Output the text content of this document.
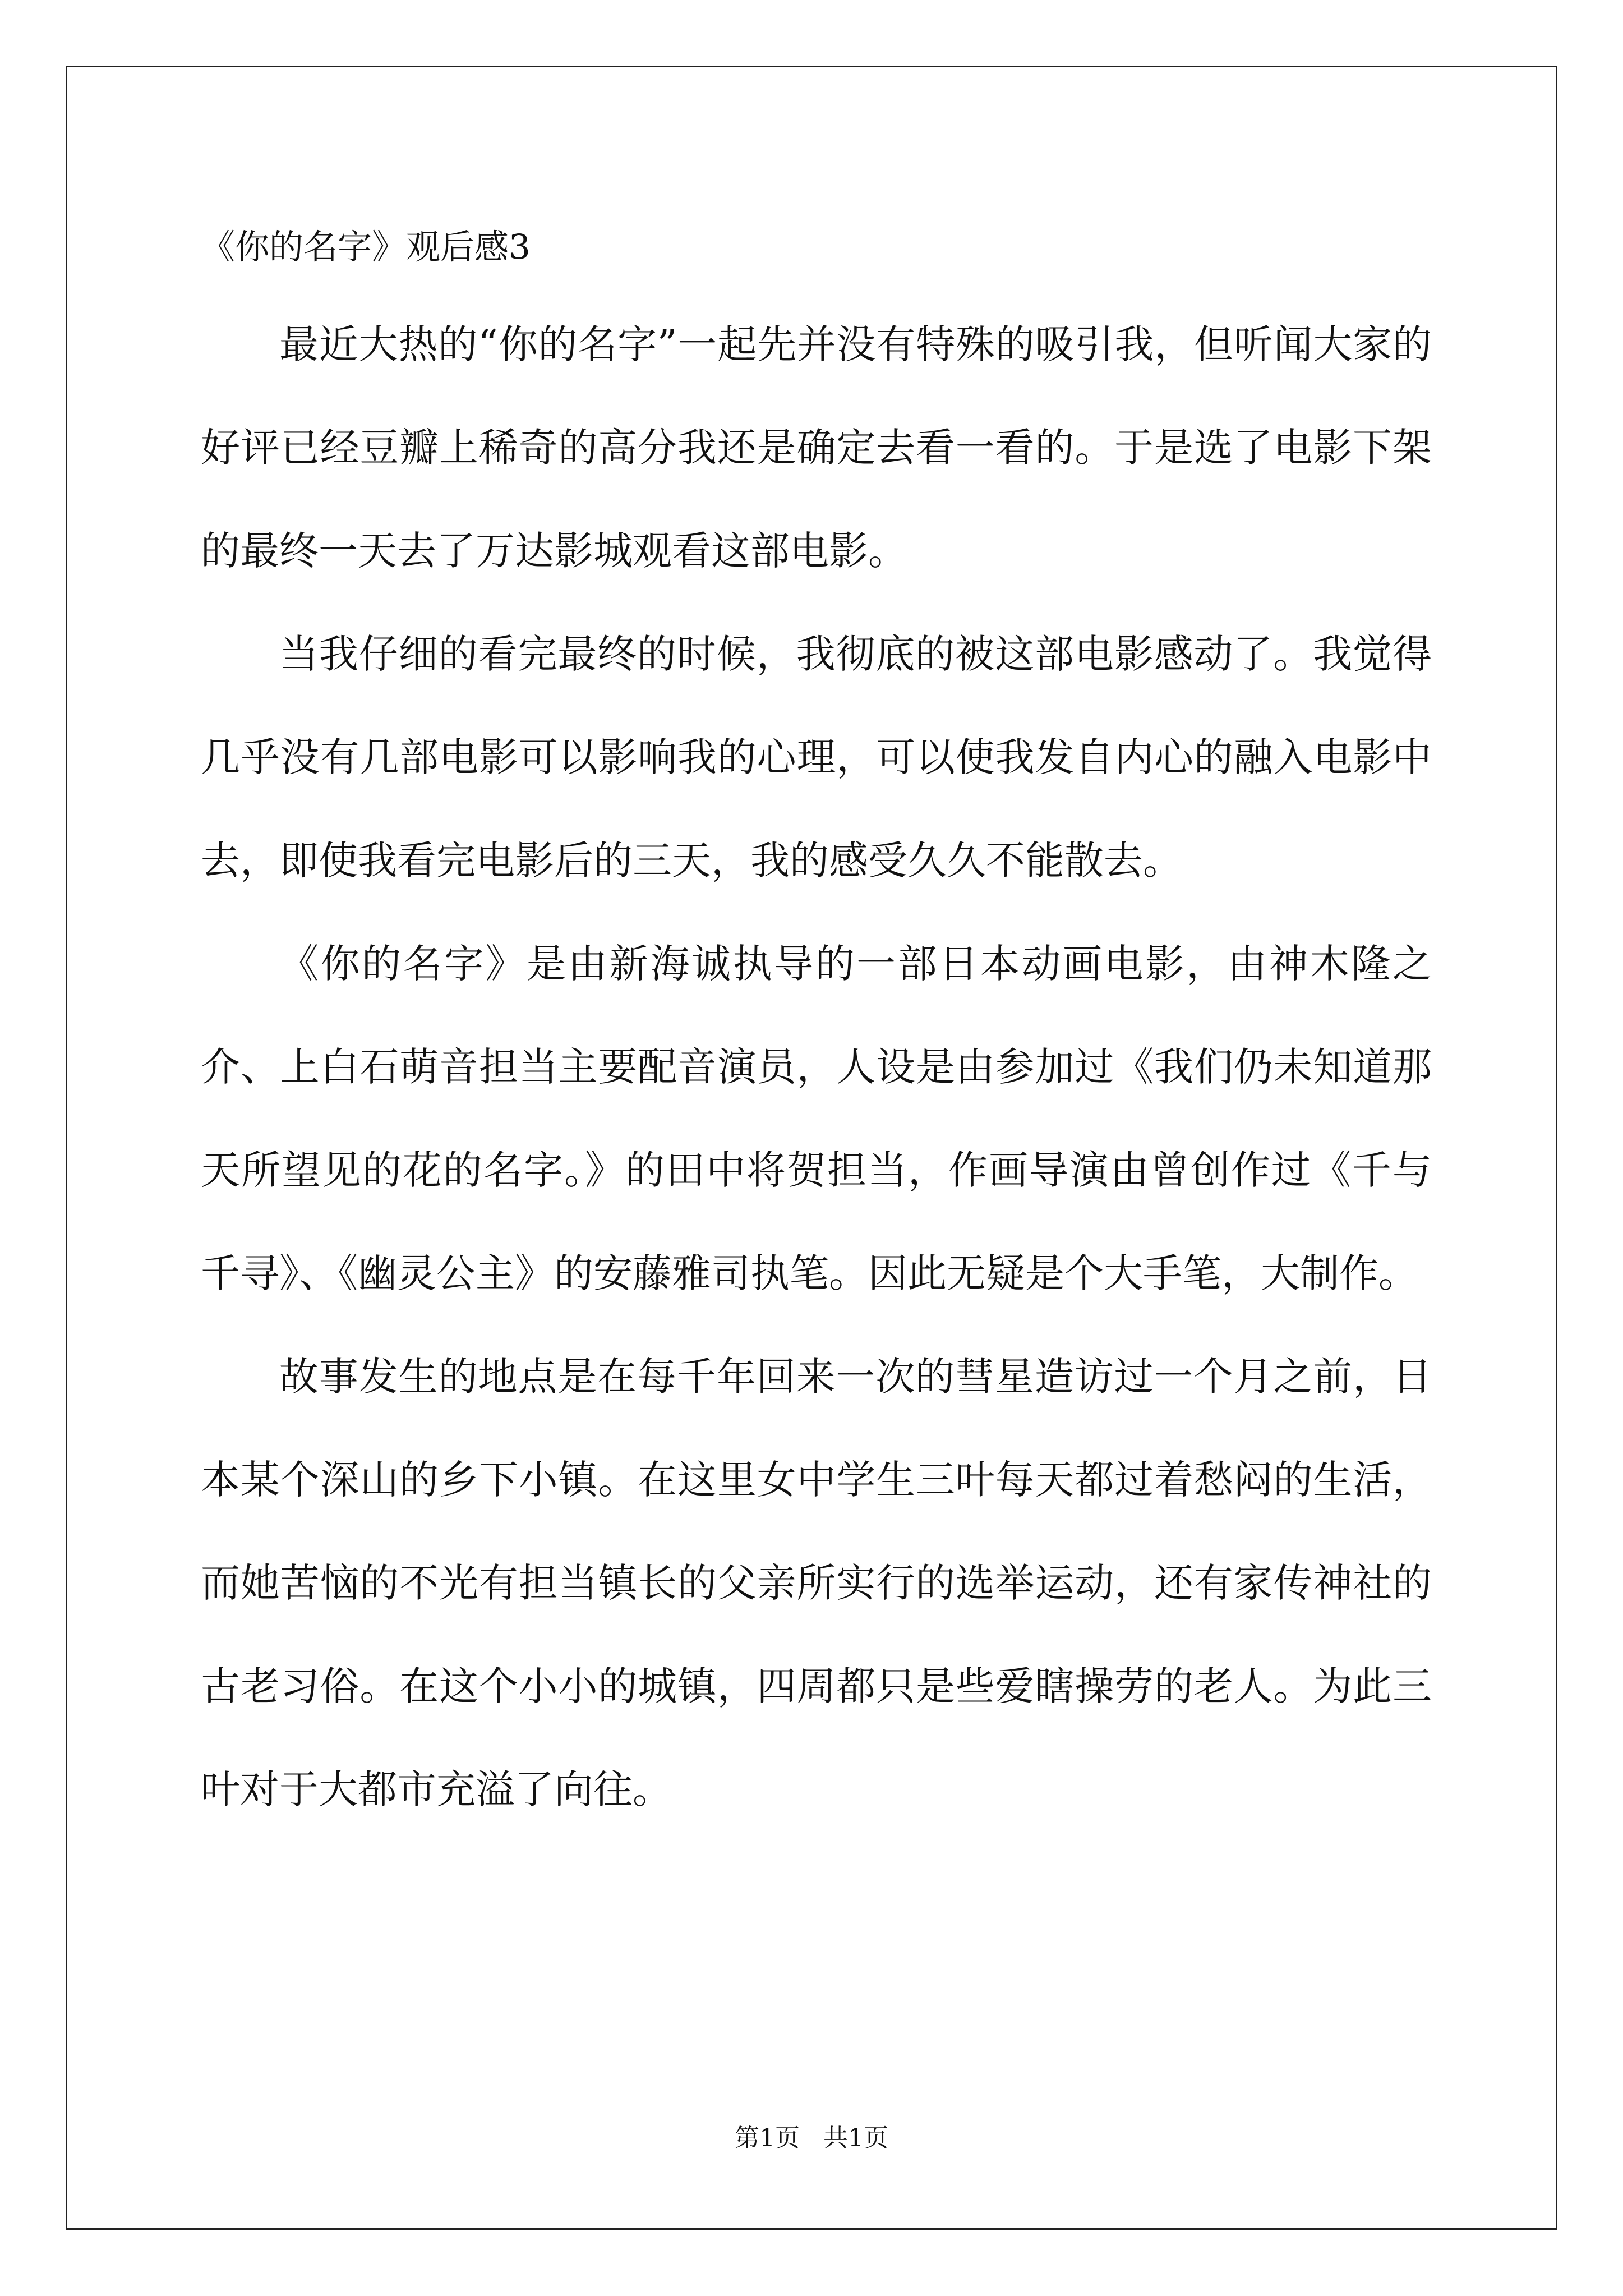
《你的名字》观后感3

最近大热的“你的名字”一起先并没有特殊的吸引我，但听闻大家的好评已经豆瓣上稀奇的高分我还是确定去看一看的。于是选了电影下架的最终一天去了万达影城观看这部电影。

当我仔细的看完最终的时候，我彻底的被这部电影感动了。我觉得几乎没有几部电影可以影响我的心理，可以使我发自内心的融入电影中去，即使我看完电影后的三天，我的感受久久不能散去。

《你的名字》是由新海诚执导的一部日本动画电影，由神木隆之介、上白石萌音担当主要配音演员，人设是由参加过《我们仍未知道那天所望见的花的名字。》的田中将贺担当，作画导演由曾创作过《千与千寻》、《幽灵公主》的安藤雅司执笔。因此无疑是个大手笔，大制作。

故事发生的地点是在每千年回来一次的彗星造访过一个月之前，日本某个深山的乡下小镇。在这里女中学生三叶每天都过着愁闷的生活，而她苦恼的不光有担当镇长的父亲所实行的选举运动，还有家传神社的古老习俗。在这个小小的城镇，四周都只是些爱瞎操劳的老人。为此三叶对于大都市充溢了向往。

第1页   共1页
